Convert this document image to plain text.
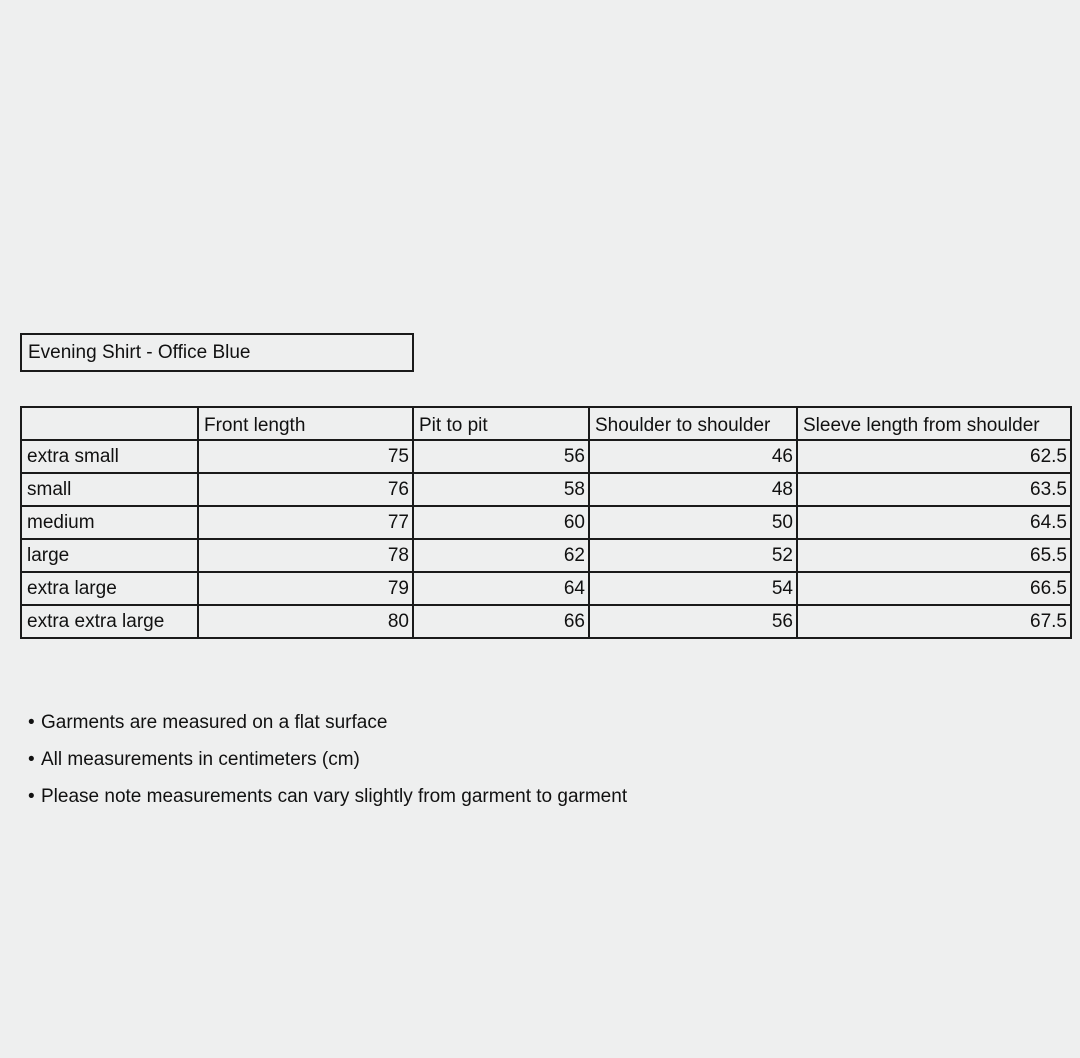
Evening Shirt - Office Blue
	Front length	Pit to pit	Shoulder to shoulder	Sleeve length from shoulder
extra small	75	56	46	62.5
small	76	58	48	63.5
medium	77	60	50	64.5
large	78	62	52	65.5
extra large	79	64	54	66.5
extra extra large	80	66	56	67.5
• Garments are measured on a flat surface
• All measurements in centimeters (cm)
• Please note measurements can vary slightly from garment to garment
